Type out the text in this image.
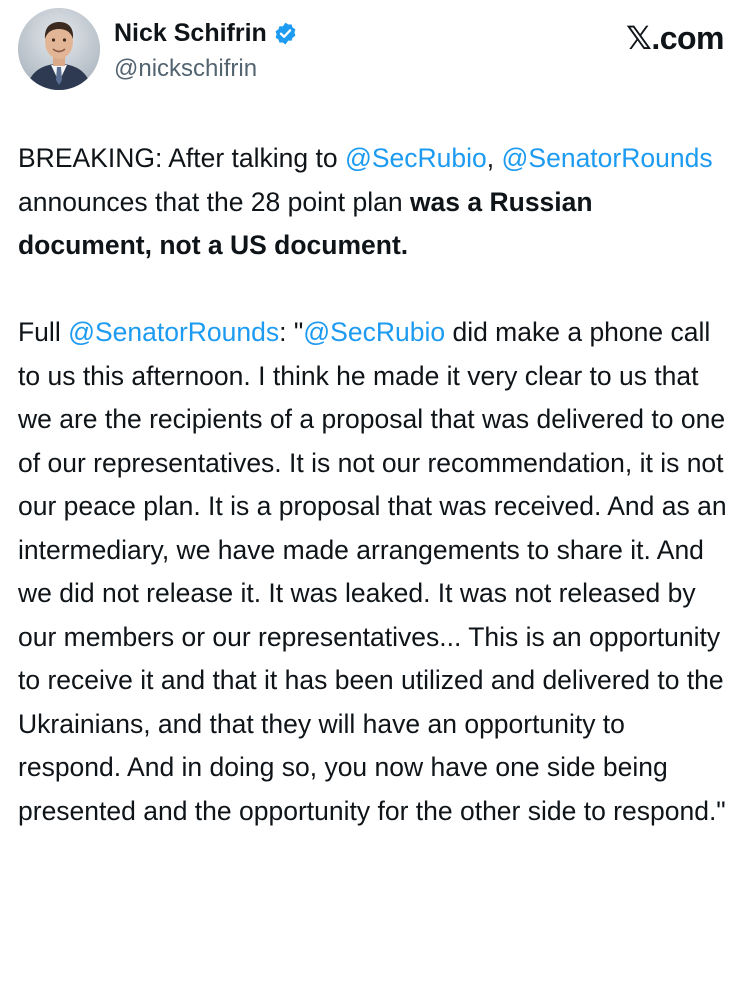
Nick Schifrin
@nickschifrin
𝕏.com

BREAKING: After talking to @SecRubio, @SenatorRounds announces that the 28 point plan was a Russian document, not a US document.

Full @SenatorRounds: "@SecRubio did make a phone call to us this afternoon. I think he made it very clear to us that we are the recipients of a proposal that was delivered to one of our representatives. It is not our recommendation, it is not our peace plan. It is a proposal that was received. And as an intermediary, we have made arrangements to share it. And we did not release it. It was leaked. It was not released by our members or our representatives... This is an opportunity to receive it and that it has been utilized and delivered to the Ukrainians, and that they will have an opportunity to respond. And in doing so, you now have one side being presented and the opportunity for the other side to respond."
